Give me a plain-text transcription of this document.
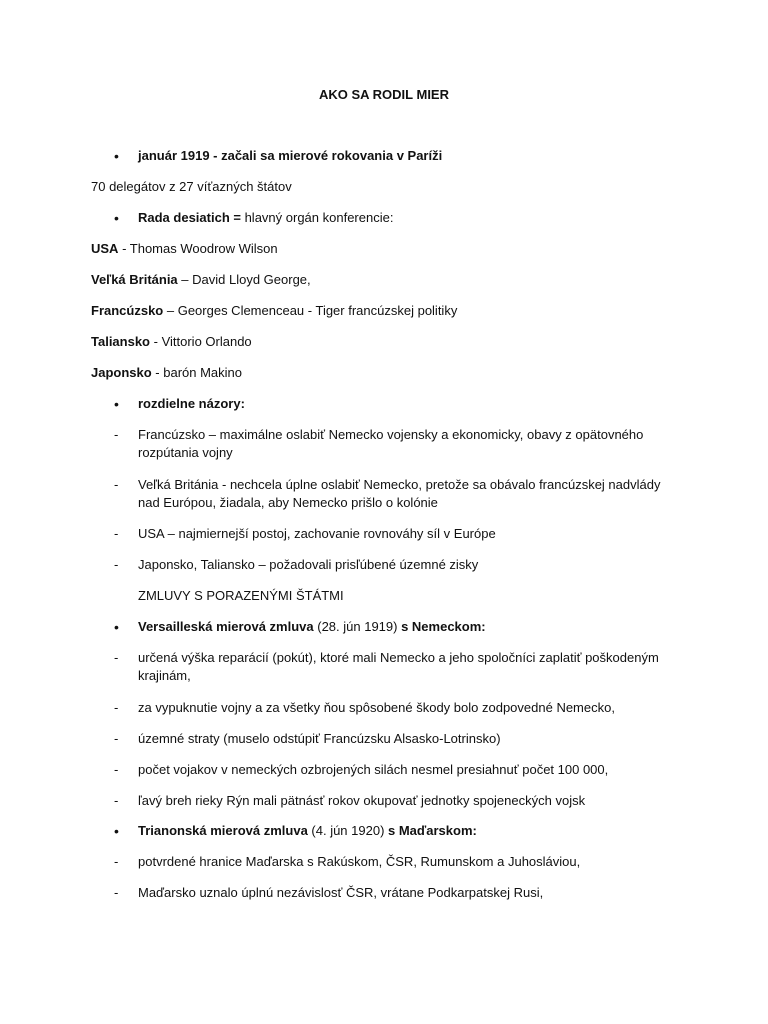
AKO SA RODIL MIER
• január 1919 - začali sa mierové rokovania v Paríži
70 delegátov z 27 víťazných štátov
• Rada desiatich = hlavný orgán konferencie:
USA - Thomas Woodrow Wilson
Veľká Británia – David Lloyd George,
Francúzsko – Georges Clemenceau - Tiger francúzskej politiky
Taliansko - Vittorio Orlando
Japonsko - barón Makino
• rozdielne názory:
- Francúzsko – maximálne oslabiť Nemecko vojensky a ekonomicky, obavy z opätovného
rozpútania vojny
- Veľká Británia - nechcela úplne oslabiť Nemecko, pretože sa obávalo francúzskej nadvlády
nad Európou, žiadala, aby Nemecko prišlo o kolónie
- USA – najmiernejší postoj, zachovanie rovnováhy síl v Európe
- Japonsko, Taliansko – požadovali prisľúbené územné zisky
ZMLUVY S PORAZENÝMI ŠTÁTMI
• Versailleská mierová zmluva (28. jún 1919) s Nemeckom:
- určená výška reparácií (pokút), ktoré mali Nemecko a jeho spoločníci zaplatiť poškodeným
krajinám,
- za vypuknutie vojny a za všetky ňou spôsobené škody bolo zodpovedné Nemecko,
- územné straty (muselo odstúpiť Francúzsku Alsasko-Lotrinsko)
- počet vojakov v nemeckých ozbrojených silách nesmel presiahnuť počet 100 000,
- ľavý breh rieky Rýn mali pätnásť rokov okupovať jednotky spojeneckých vojsk
• Trianonská mierová zmluva (4. jún 1920) s Maďarskom:
- potvrdené hranice Maďarska s Rakúskom, ČSR, Rumunskom a Juhosláviou,
- Maďarsko uznalo úplnú nezávislosť ČSR, vrátane Podkarpatskej Rusi,
